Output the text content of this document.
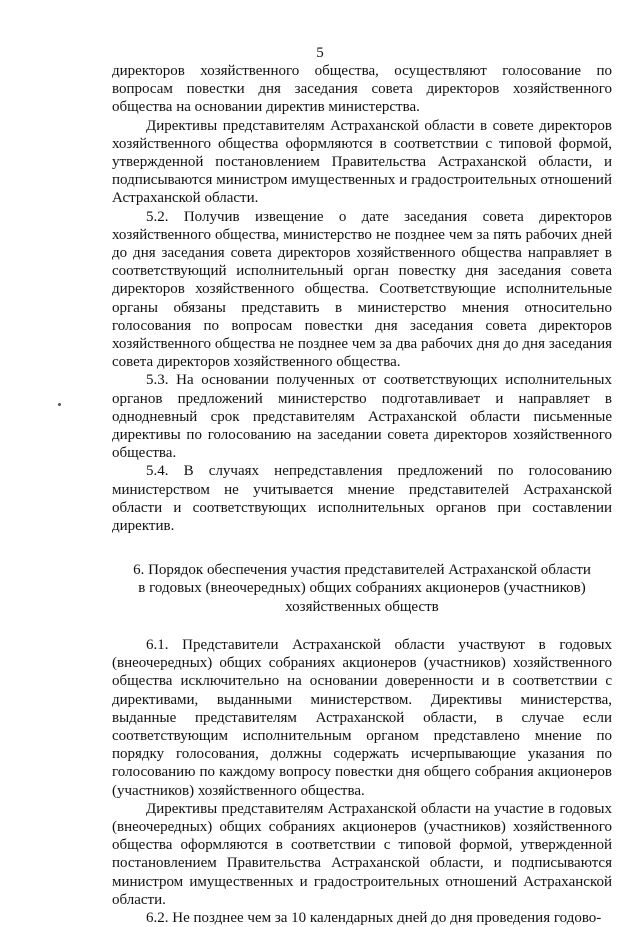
5

директоров хозяйственного общества, осуществляют голосование по вопросам повестки дня заседания совета директоров хозяйственного общества на основании директив министерства.

Директивы представителям Астраханской области в совете директоров хозяйственного общества оформляются в соответствии с типовой формой, утвержденной постановлением Правительства Астраханской области, и подписываются министром имущественных и градостроительных отношений Астраханской области.

5.2. Получив извещение о дате заседания совета директоров хозяйственного общества, министерство не позднее чем за пять рабочих дней до дня заседания совета директоров хозяйственного общества направляет в соответствующий исполнительный орган повестку дня заседания совета директоров хозяйственного общества. Соответствующие исполнительные органы обязаны представить в министерство мнения относительно голосования по вопросам повестки дня заседания совета директоров хозяйственного общества не позднее чем за два рабочих дня до дня заседания совета директоров хозяйственного общества.

5.3. На основании полученных от соответствующих исполнительных органов предложений министерство подготавливает и направляет в однодневный срок представителям Астраханской области письменные директивы по голосованию на заседании совета директоров хозяйственного общества.

5.4. В случаях непредставления предложений по голосованию министерством не учитывается мнение представителей Астраханской области и соответствующих исполнительных органов при составлении директив.

6. Порядок обеспечения участия представителей Астраханской области
в годовых (внеочередных) общих собраниях акционеров (участников) хозяйственных обществ

6.1. Представители Астраханской области участвуют в годовых (внеочередных) общих собраниях акционеров (участников) хозяйственного общества исключительно на основании доверенности и в соответствии с директивами, выданными министерством. Директивы министерства, выданные представителям Астраханской области, в случае если соответствующим исполнительным органом представлено мнение по порядку голосования, должны содержать исчерпывающие указания по голосованию по каждому вопросу повестки дня общего собрания акционеров (участников) хозяйственного общества.

Директивы представителям Астраханской области на участие в годовых (внеочередных) общих собраниях акционеров (участников) хозяйственного общества оформляются в соответствии с типовой формой, утвержденной постановлением Правительства Астраханской области, и подписываются министром имущественных и градостроительных отношений Астраханской области.

6.2. Не позднее чем за 10 календарных дней до дня проведения годово-
